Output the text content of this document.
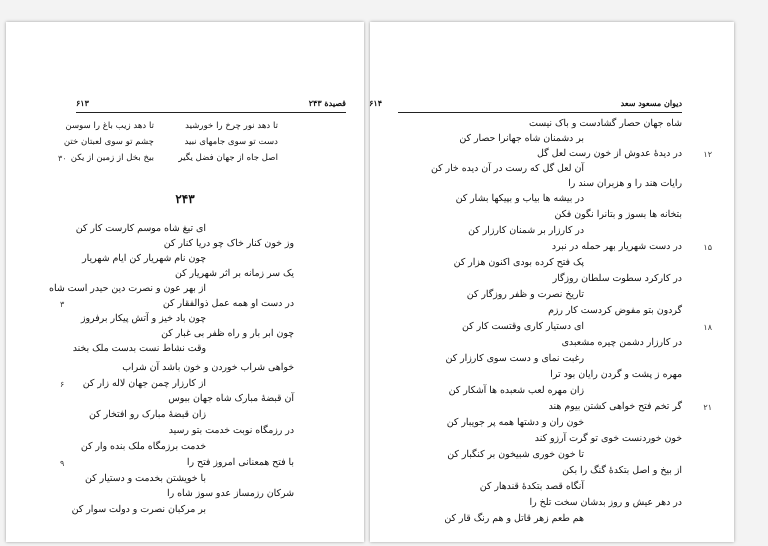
قصيدة ۲۴۳
۶۱۳
تا دهد نور چرخ را خورشید
تا دهد زیب باغ را سوسن
دست تو سوی جامهای نبید
چشم تو سوی لعبتان ختن
اصل جاه از جهان فضل یگیر
بیخ بخل از زمین از یکن
۳۰
۲۴۳
ای تیغ شاه موسم کارست کار کن
وز خون کنار خاک چو دریا کنار کن
چون نام شهریار کن ایام شهریار
یک سر زمانه بر اثر شهریار کن
از بهر عون و نصرت دین حیدر است شاه
در دست او همه عمل ذوالفقار کن
چون باد خیز و آتش پیکار برفروز
چون ابر بار و راه ظفر بی غبار کن
وقت نشاط نست بدست ملک بخند
خواهی شراب خوردن و خون باشد آن شراب
از کارزار چمن جهان لاله زار کن
آن قبضهٔ مبارک شاه جهان ببوس
زان قبضهٔ مبارک رو افتخار کن
در رزمگاه نوبت خدمت بتو رسید
خدمت برزمگاه ملک بنده وار کن
با فتح همعنانی امروز فتح را
با خویشتن بخدمت و دستیار کن
شرکان رزمساز عدو سوز شاه را
بر مرکبان نصرت و دولت سوار کن
۳
۶
۹
دیوان مسعود سعد
۶۱۴
شاه جهان حصار گشادست و باک نیست
بر دشمنان شاه جهانرا حصار کن
در دیدهٔ عدوش از خون رست لعل گل
آن لعل گل که رست در آن دیده خار کن
رایات هند را و هزبران سند را
در بیشه ها بیاب و بپیکها بشار کن
بتخانه ها بسوز و بتانرا نگون فکن
در کارزار بر شمنان کارزار کن
در دست شهریار بهر حمله در نبرد
پک فتح کرده بودی اکنون هزار کن
در کارکرد سطوت سلطان روزگار
تاریخ نصرت و ظفر روزگار کن
گردون بتو مفوض کردست کار رزم
ای دستیار کاری وقتست کار کن
در کارزار دشمن چیره مشعبدی
رغبت نمای و دست سوی کارزار کن
مهره ز پشت و گردن رایان بود ترا
زان مهره لعب شعبده ها آشکار کن
گر تخم فتح خواهی کشتن بیوم هند
خون ران و دشتها همه پر جویبار کن
خون خوردنست خوی تو گرت آرزو کند
تا خون خوری شبیخون بر کنگبار کن
از بیخ و اصل بتکدهٔ گنگ را بکن
آنگاه قصد بتکدهٔ قندهار کن
در دهر عیش و روز بدشان سخت تلخ را
هم طعم زهر قاتل و هم رنگ قار کن
۱۲
۱۵
۱۸
۲۱
